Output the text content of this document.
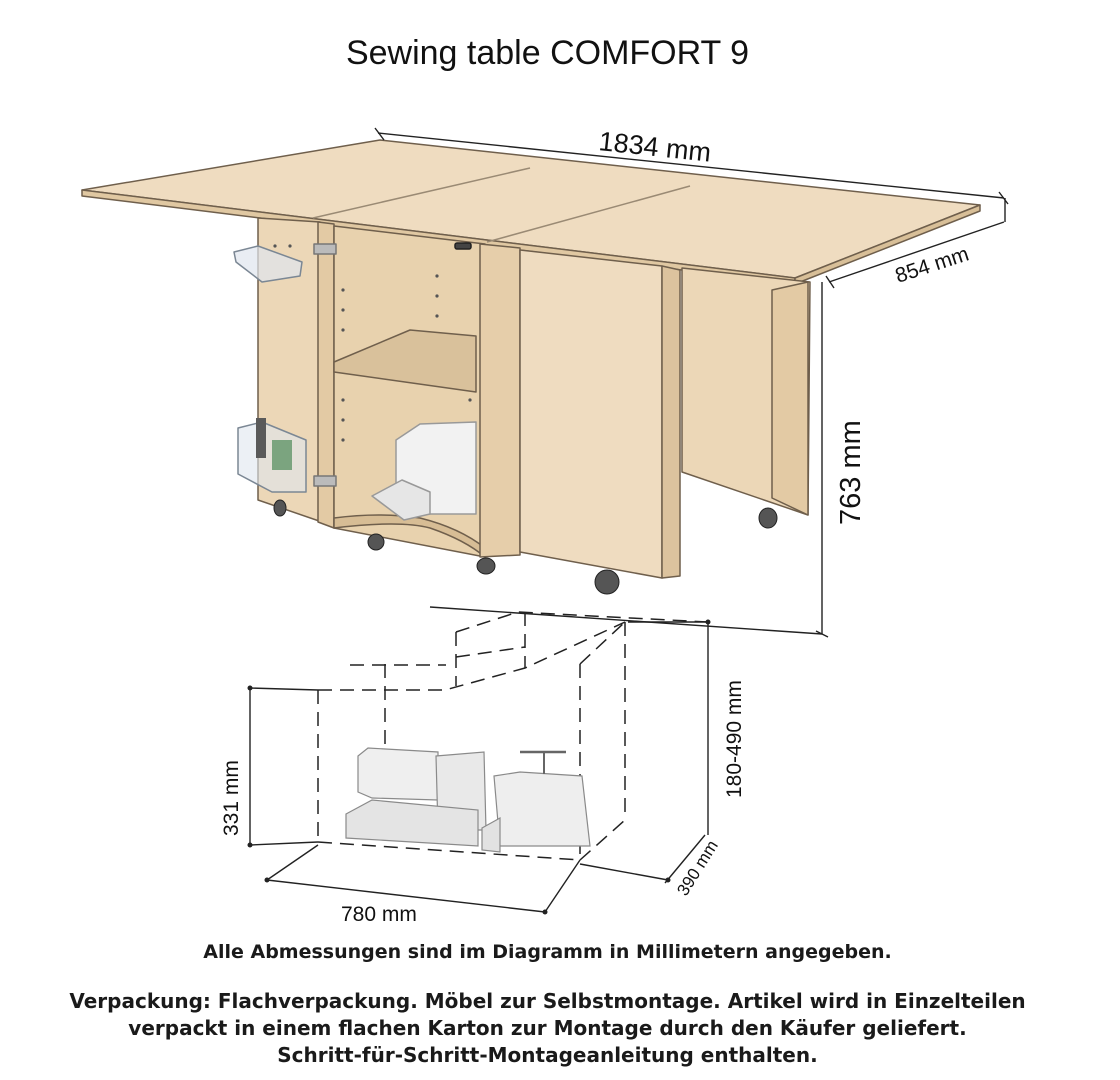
Sewing table COMFORT 9
1834 mm
854 mm
763 mm
331 mm
180-490 mm
780 mm
390 mm
Alle Abmessungen sind im Diagramm in Millimetern angegeben.
Verpackung: Flachverpackung. Möbel zur Selbstmontage. Artikel wird in Einzelteilen
verpackt in einem flachen Karton zur Montage durch den Käufer geliefert.
Schritt-für-Schritt-Montageanleitung enthalten.
